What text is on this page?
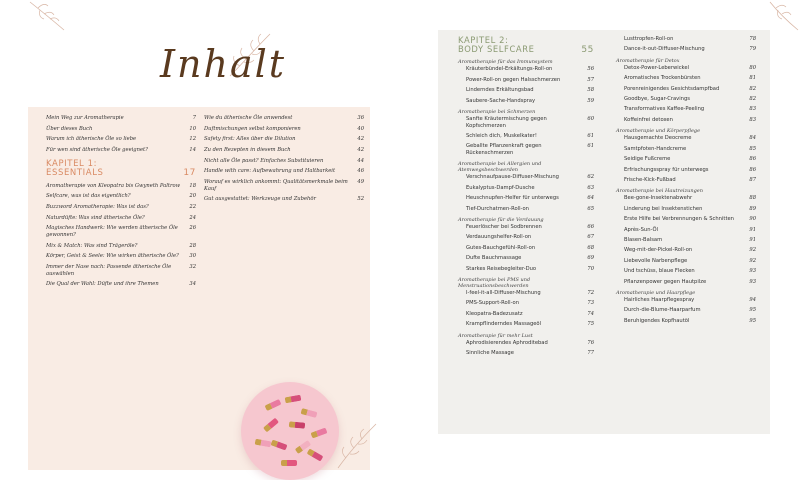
Inhalt
Mein Weg zur Aromatherapie	7
Über dieses Buch	10
Warum ich ätherische Öle so liebe	12
Für wen sind ätherische Öle geeignet?	14
KAPITEL 1:
ESSENTIALS	17
Aromatherapie von Kleopatra bis Gwyneth Paltrow	18
Selfcare, was ist das eigentlich?	20
Buzzword Aromatherapie: Was ist das?	22
Naturdüfte: Was sind ätherische Öle?	24
Magisches Handwerk: Wie werden ätherische Öle gewonnen?
26
Mix & Match: Was sind Trägeröle?	28
Körper, Geist & Seele: Wie wirken ätherische Öle?	30
Immer der Nase nach: Passende ätherische Öle auswählen
32
Die Qual der Wahl: Düfte und ihre Themen	34
Wie du ätherische Öle anwendest	36
Duftmischungen selbst komponieren	40
Safety first: Alles über die Dilution	42
Zu den Rezepten in diesem Buch	42
Nicht alle Öle passt? Einfaches Substituieren	44
Handle with care: Aufbewahrung und Haltbarkeit	46
Worauf es wirklich ankommt: Qualitätsmerkmale beim Kauf
49
Gut ausgestattet: Werkzeuge und Zubehör	52
KAPITEL 2:
BODY SELFCARE	55
Aromatherapie für das Immunsystem
Kräuterbündel-Erkältungs-Roll-on	56
Power-Roll-on gegen Halsschmerzen	57
Linderndes Erkältungsbad	58
Saubere-Sache-Handspray	59
Aromatherapie bei Schmerzen
Sanfte Kräutermischung gegen Kopfschmerzen
60
Schleich dich, Muskelkater!	61
Geballte Pflanzenkraft gegen Rückenschmerzen
61
Aromatherapie bei Allergien und Atemwegsbeschwerden
Verschnaufpause-Diffuser-Mischung	62
Eukalyptus-Dampf-Dusche	63
Heuschnupfen-Helfer für unterwegs	64
Tief-Durchatmen-Roll-on	65
Aromatherapie für die Verdauung
Feuerlöscher bei Sodbrennen	66
Verdauungshelfer-Roll-on	67
Gutes-Bauchgefühl-Roll-on	68
Dufte Bauchmassage	69
Starkes Reisebegleiter-Duo	70
Aromatherapie bei PMS und Menstruationsbeschwerden
I-feel-it-all-Diffuser-Mischung	72
PMS-Support-Roll-on	73
Kleopatra-Badezusatz	74
Krampflinderndes Massageöl	75
Aromatherapie für mehr Lust
Aphrodisierendes Aphroditebad	76
Sinnliche Massage	77
Lusttropfen-Roll-on	78
Dance-it-out-Diffuser-Mischung	79
Aromatherapie für Detox
Detox-Power-Leberwickel	80
Aromatisches Trockenbürsten	81
Porenreinigendes Gesichtsdampfbad	82
Goodbye, Sugar-Cravings	82
Transformatives Kaffee-Peeling	83
Koffeinfrei detoxen	83
Aromatherapie und Körperpflege
Hausgemachte Deocreme	84
Samtpfoten-Handcreme	85
Seidige Fußcreme	86
Erfrischungsspray für unterwegs	86
Frische-Kick-Fußbad	87
Aromatherapie bei Hautreizungen
Bee-gone-Insektenabwehr	88
Linderung bei Insektenstichen	89
Erste Hilfe bei Verbrennungen & Schnitten	90
Après-Sun-Öl	91
Blasen-Balsam	91
Weg-mit-der-Pickel-Roll-on	92
Liebevolle Narbenpflege	92
Und tschüss, blaue Flecken	93
Pflanzenpower gegen Hautpilze	93
Aromatherapie und Haarpflege
Hairliches Haarpflegespray	94
Durch-die-Blume-Haarparfum	95
Beruhigendes Kopfhautöl	95
